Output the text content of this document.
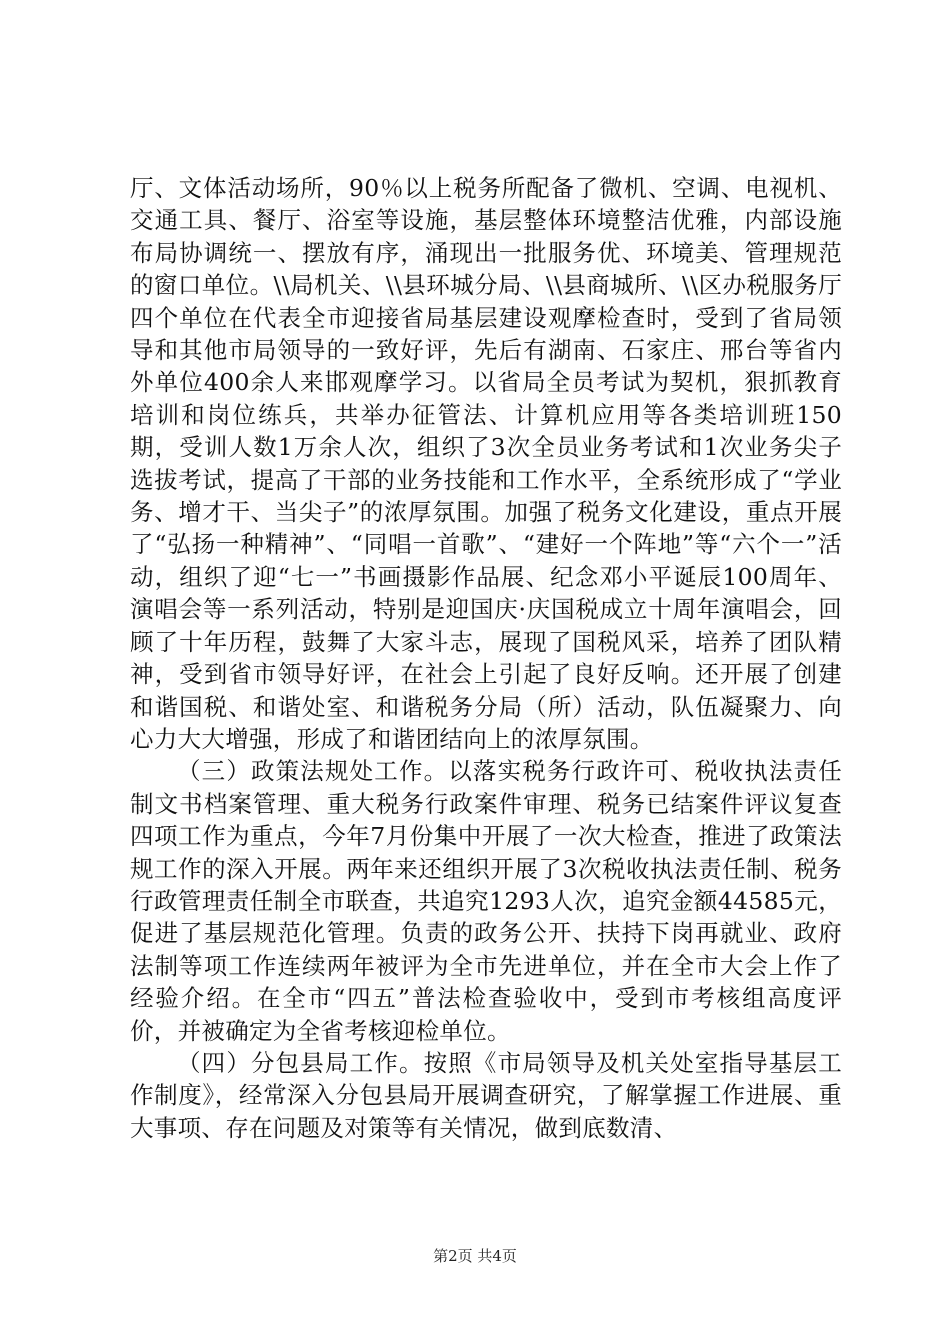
厅、文体活动场所，90％以上税务所配备了微机、空调、电视机、交通工具、餐厅、浴室等设施，基层整体环境整洁优雅，内部设施布局协调统一、摆放有序，涌现出一批服务优、环境美、管理规范的窗口单位。\\局机关、\\县环城分局、\\县商城所、\\区办税服务厅四个单位在代表全市迎接省局基层建设观摩检查时，受到了省局领导和其他市局领导的一致好评，先后有湖南、石家庄、邢台等省内外单位400余人来邯观摩学习。以省局全员考试为契机，狠抓教育培训和岗位练兵，共举办征管法、计算机应用等各类培训班150期，受训人数1万余人次，组织了3次全员业务考试和1次业务尖子选拔考试，提高了干部的业务技能和工作水平，全系统形成了“学业务、增才干、当尖子”的浓厚氛围。加强了税务文化建设，重点开展了“弘扬一种精神”、“同唱一首歌”、“建好一个阵地”等“六个一”活动，组织了迎“七一”书画摄影作品展、纪念邓小平诞辰100周年、演唱会等一系列活动，特别是迎国庆·庆国税成立十周年演唱会，回顾了十年历程，鼓舞了大家斗志，展现了国税风采，培养了团队精神，受到省市领导好评，在社会上引起了良好反响。还开展了创建和谐国税、和谐处室、和谐税务分局（所）活动，队伍凝聚力、向心力大大增强，形成了和谐团结向上的浓厚氛围。

（三）政策法规处工作。以落实税务行政许可、税收执法责任制文书档案管理、重大税务行政案件审理、税务已结案件评议复查四项工作为重点，今年7月份集中开展了一次大检查，推进了政策法规工作的深入开展。两年来还组织开展了3次税收执法责任制、税务行政管理责任制全市联查，共追究1293人次，追究金额44585元，促进了基层规范化管理。负责的政务公开、扶持下岗再就业、政府法制等项工作连续两年被评为全市先进单位，并在全市大会上作了经验介绍。在全市“四五”普法检查验收中，受到市考核组高度评价，并被确定为全省考核迎检单位。

（四）分包县局工作。按照《市局领导及机关处室指导基层工作制度》，经常深入分包县局开展调查研究，了解掌握工作进展、重大事项、存在问题及对策等有关情况，做到底数清、

第2页 共4页
